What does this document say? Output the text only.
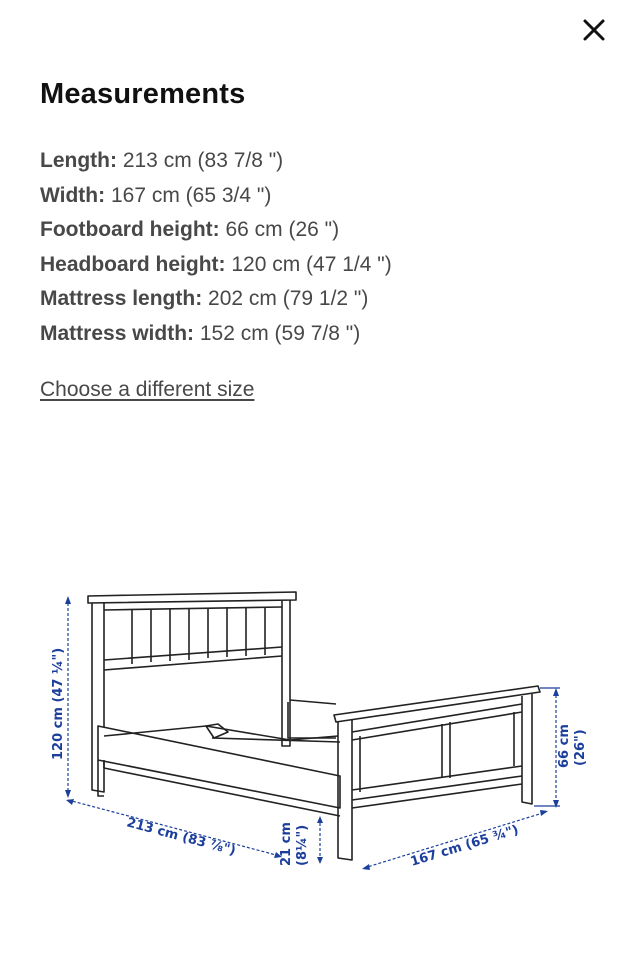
Measurements
Length: 213 cm (83 7/8 ")
Width: 167 cm (65 3/4 ")
Footboard height: 66 cm (26 ")
Headboard height: 120 cm (47 1/4 ")
Mattress length: 202 cm (79 1/2 ")
Mattress width: 152 cm (59 7/8 ")
Choose a different size
120 cm (47 ¼")
213 cm (83 ⅞")	21 cm (8¼")	167 cm (65 ¾")
66 cm (26")
